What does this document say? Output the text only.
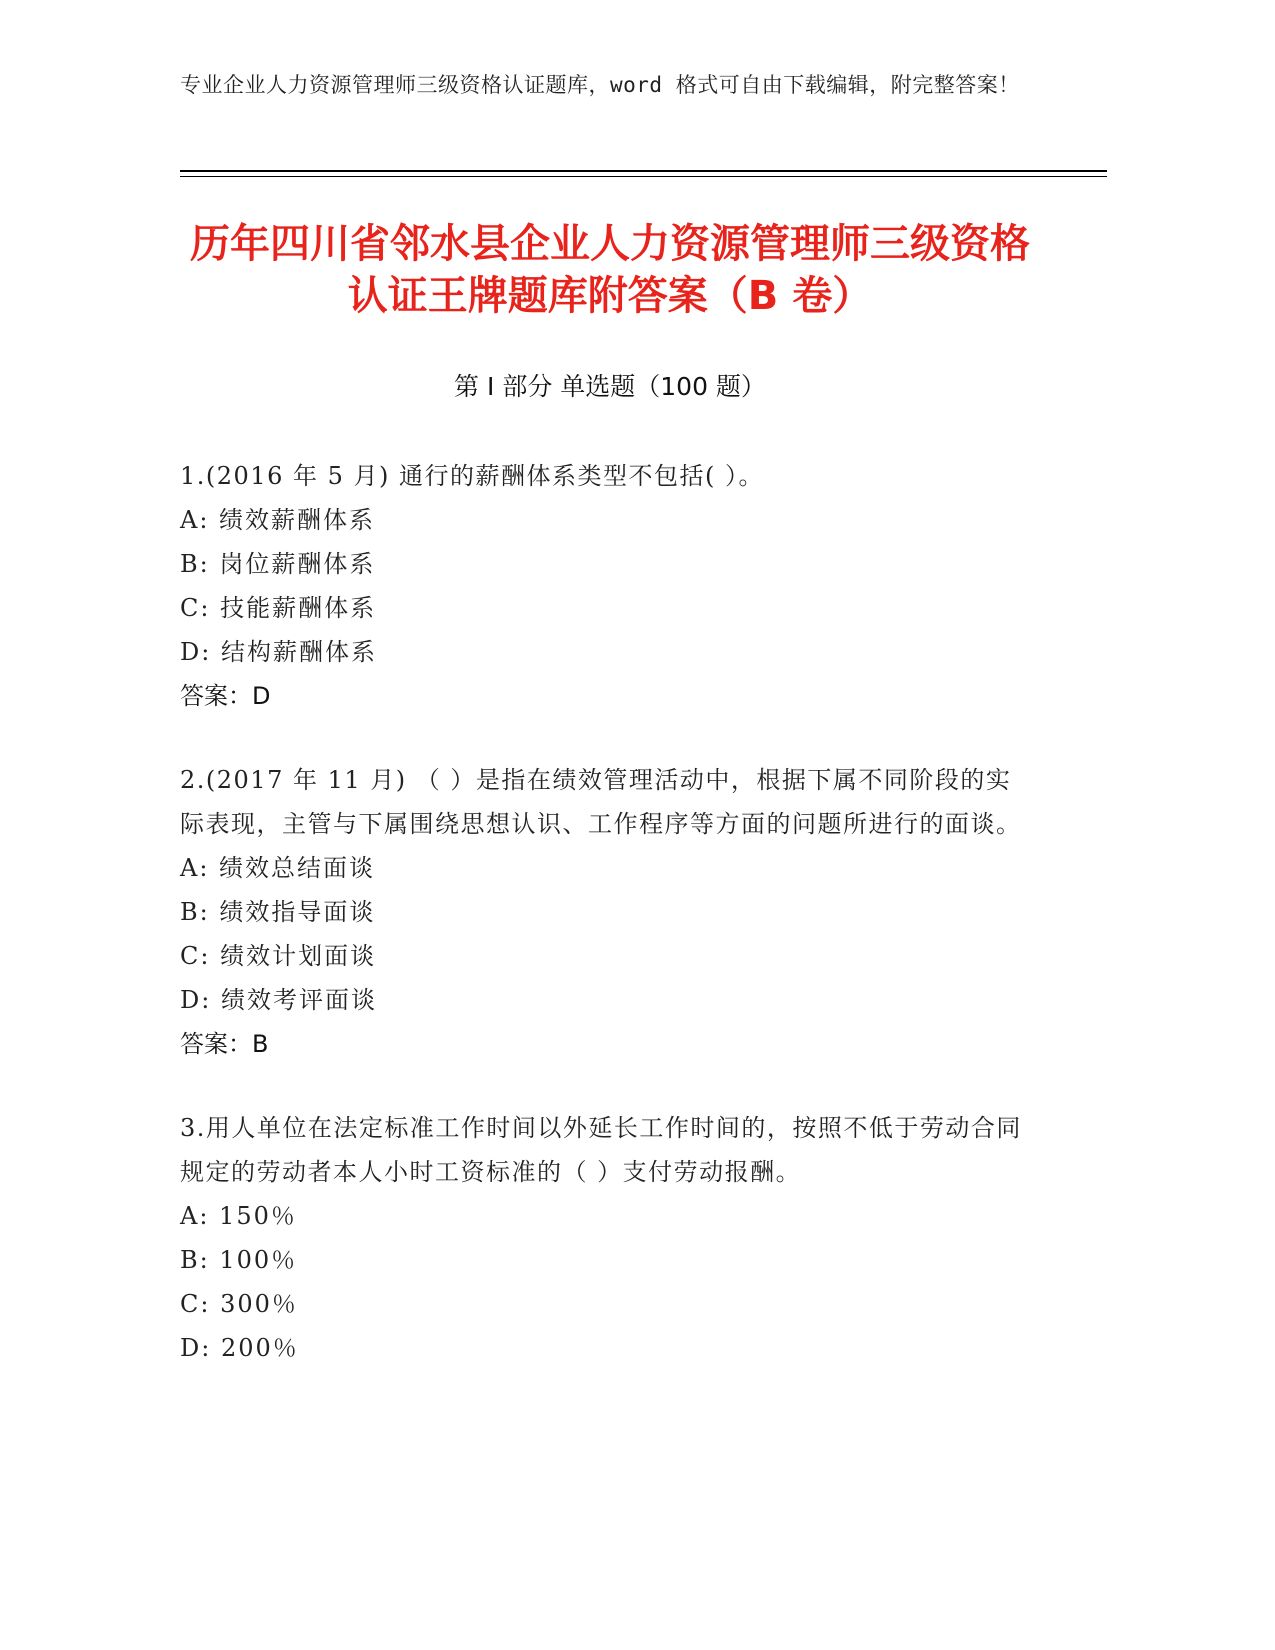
专业企业人力资源管理师三级资格认证题库，word 格式可自由下载编辑，附完整答案！
历年四川省邻水县企业人力资源管理师三级资格认证王牌题库附答案（B 卷）
第 I 部分 单选题（100 题）
1.(2016 年 5 月) 通行的薪酬体系类型不包括( ）。
A: 绩效薪酬体系
B: 岗位薪酬体系
C: 技能薪酬体系
D: 结构薪酬体系
答案：D
2.(2017 年 11 月) （ ）是指在绩效管理活动中，根据下属不同阶段的实际表现，主管与下属围绕思想认识、工作程序等方面的问题所进行的面谈。
A: 绩效总结面谈
B: 绩效指导面谈
C: 绩效计划面谈
D: 绩效考评面谈
答案：B
3.用人单位在法定标准工作时间以外延长工作时间的，按照不低于劳动合同规定的劳动者本人小时工资标准的（ ）支付劳动报酬。
A: 150％
B: 100％
C: 300％
D: 200％
